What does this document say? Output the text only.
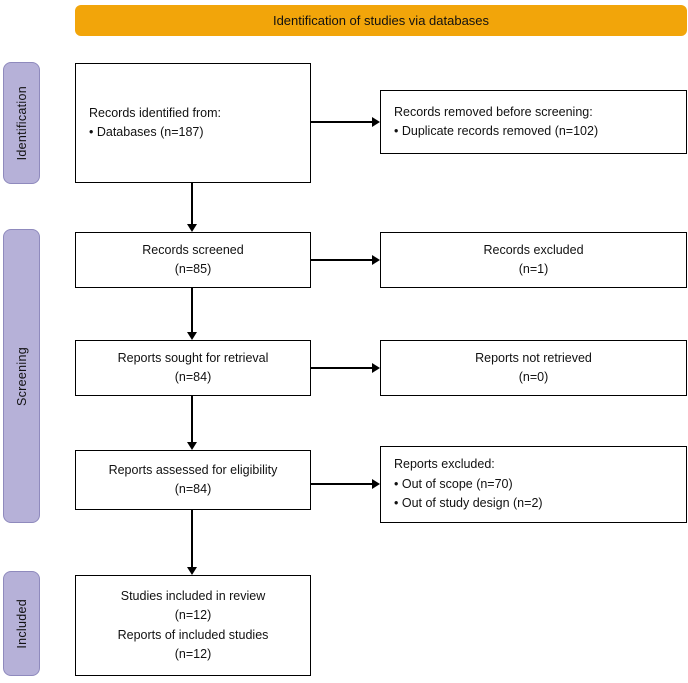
Identification of studies via databases
Identification
Screening
Included
Records identified from:
• Databases (n=187)
Records screened
(n=85)
Reports sought for retrieval
(n=84)
Reports assessed for eligibility
(n=84)
Studies included in review
(n=12)
Reports of included studies
(n=12)
Records removed before screening:
• Duplicate records removed (n=102)
Records excluded
(n=1)
Reports not retrieved
(n=0)
Reports excluded:
• Out of scope (n=70)
• Out of study design (n=2)
